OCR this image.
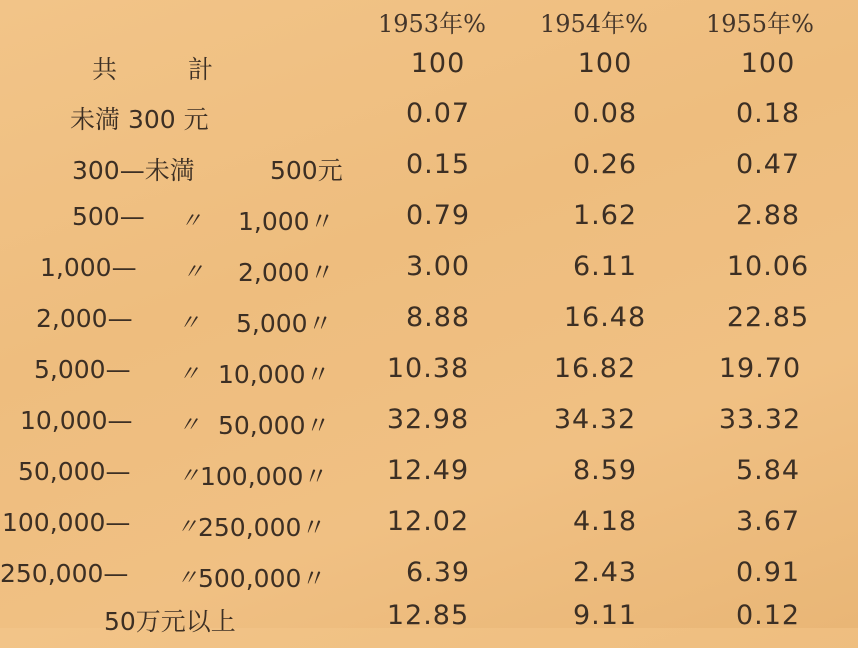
1953年% 1954年% 1955年%
共	計	100	100	100
未満 300 元	0.07	0.08	0.18
300—未満	500元	0.15	0.26	0.47
500— 〃 1,000〃	0.79	1.62	2.88
1,000— 〃 2,000〃	3.00	6.11	10.06
2,000— 〃 5,000〃	8.88	16.48	22.85
5,000— 〃 10,000〃	10.38	16.82	19.70
10,000— 〃 50,000〃	32.98	34.32	33.32
50,000— 〃 100,000〃	12.49	8.59	5.84
100,000— 〃 250,000〃	12.02	4.18	3.67
250,000— 〃 500,000〃	6.39	2.43	0.91
50万元以上	12.85	9.11	0.12
